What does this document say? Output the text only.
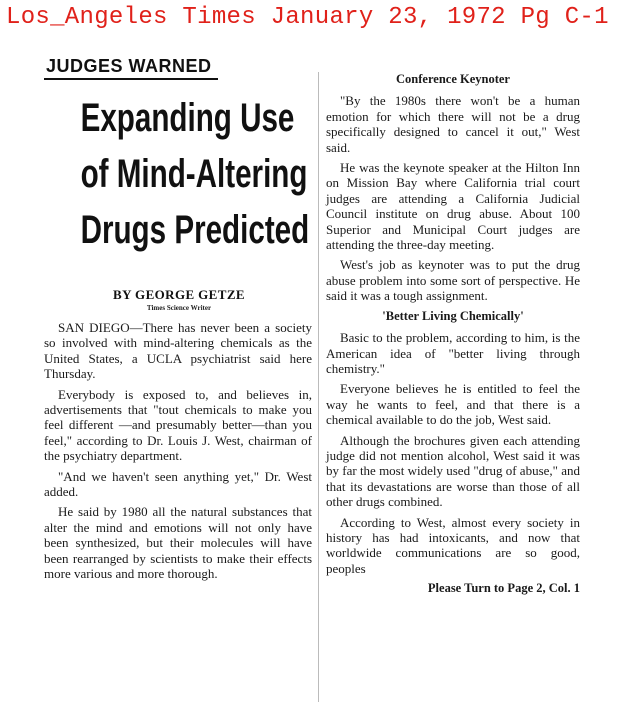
Los_Angeles Times January 23, 1972 Pg C-1
JUDGES WARNED
Expanding Use
of Mind-Altering
Drugs Predicted
BY GEORGE GETZE
Times Science Writer

SAN DIEGO—There has never been a society so involved with mind-altering chemicals as the United States, a UCLA psychiatrist said here Thursday.

Everybody is exposed to, and believes in, advertisements that "tout chemicals to make you feel different —and presumably better—than you feel," according to Dr. Louis J. West, chairman of the psychiatry department.

"And we haven't seen anything yet," Dr. West added.

He said by 1980 all the natural substances that alter the mind and emotions will not only have been synthesized, but their molecules will have been rearranged by scientists to make their effects more various and more thorough.

Conference Keynoter

"By the 1980s there won't be a human emotion for which there will not be a drug specifically designed to cancel it out," West said.

He was the keynote speaker at the Hilton Inn on Mission Bay where California trial court judges are attending a California Judicial Council institute on drug abuse. About 100 Superior and Municipal Court judges are attending the three-day meeting.

West's job as keynoter was to put the drug abuse problem into some sort of perspective. He said it was a tough assignment.

'Better Living Chemically'

Basic to the problem, according to him, is the American idea of "better living through chemistry."

Everyone believes he is entitled to feel the way he wants to feel, and that there is a chemical available to do the job, West said.

Although the brochures given each attending judge did not mention alcohol, West said it was by far the most widely used "drug of abuse," and that its devastations are worse than those of all other drugs combined.

According to West, almost every society in history has had intoxicants, and now that worldwide communications are so good, peoples

Please Turn to Page 2, Col. 1
